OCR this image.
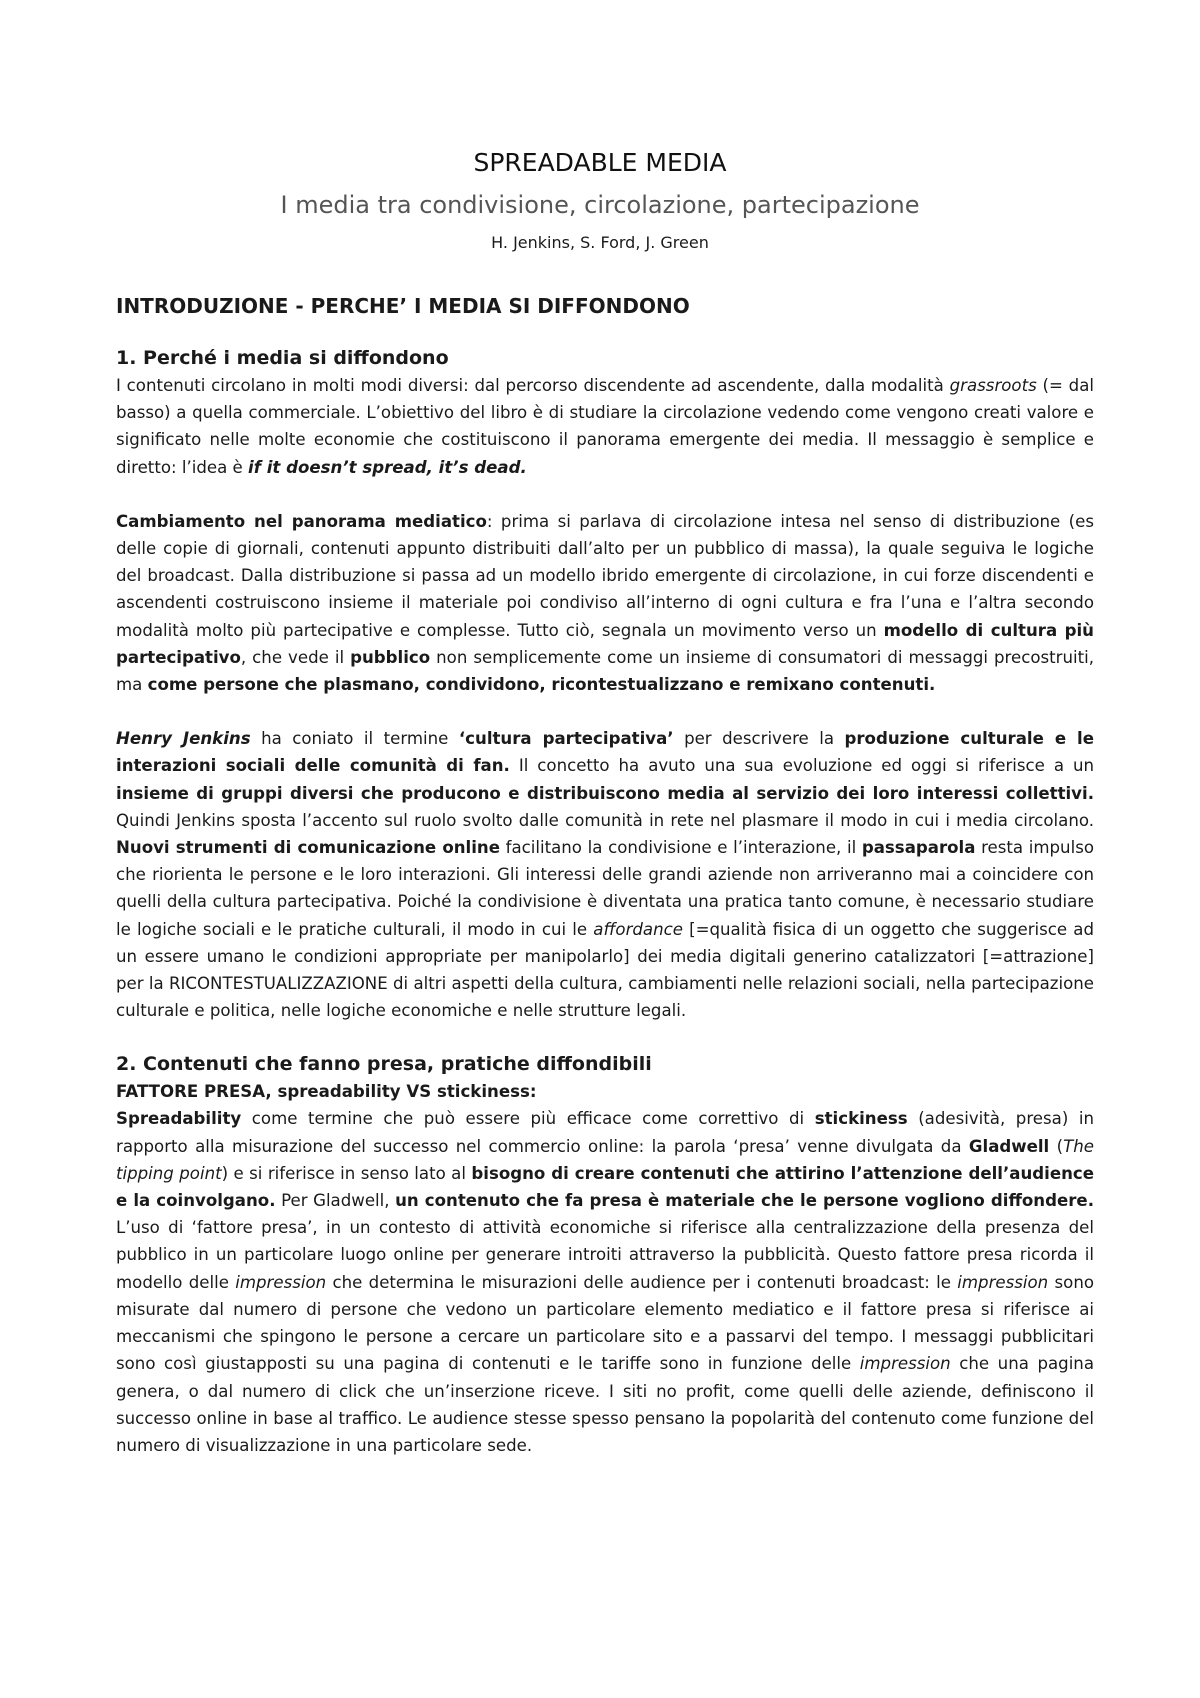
SPREADABLE MEDIA
I media tra condivisione, circolazione, partecipazione
H. Jenkins, S. Ford, J. Green
INTRODUZIONE - PERCHE’ I MEDIA SI DIFFONDONO
1. Perché i media si diffondono

I contenuti circolano in molti modi diversi: dal percorso discendente ad ascendente, dalla modalità grassroots (= dal basso) a quella commerciale. L’obiettivo del libro è di studiare la circolazione vedendo come vengono creati valore e significato nelle molte economie che costituiscono il panorama emergente dei media. Il messaggio è semplice e diretto: l’idea è if it doesn’t spread, it’s dead.

Cambiamento nel panorama mediatico: prima si parlava di circolazione intesa nel senso di distribuzione (es delle copie di giornali, contenuti appunto distribuiti dall’alto per un pubblico di massa), la quale seguiva le logiche del broadcast. Dalla distribuzione si passa ad un modello ibrido emergente di circolazione, in cui forze discendenti e ascendenti costruiscono insieme il materiale poi condiviso all’interno di ogni cultura e fra l’una e l’altra secondo modalità molto più partecipative e complesse. Tutto ciò, segnala un movimento verso un modello di cultura più partecipativo, che vede il pubblico non semplicemente come un insieme di consumatori di messaggi precostruiti, ma come persone che plasmano, condividono, ricontestualizzano e remixano contenuti.

Henry Jenkins ha coniato il termine ‘cultura partecipativa’ per descrivere la produzione culturale e le interazioni sociali delle comunità di fan. Il concetto ha avuto una sua evoluzione ed oggi si riferisce a un insieme di gruppi diversi che producono e distribuiscono media al servizio dei loro interessi collettivi. Quindi Jenkins sposta l’accento sul ruolo svolto dalle comunità in rete nel plasmare il modo in cui i media circolano. Nuovi strumenti di comunicazione online facilitano la condivisione e l’interazione, il passaparola resta impulso che riorienta le persone e le loro interazioni. Gli interessi delle grandi aziende non arriveranno mai a coincidere con quelli della cultura partecipativa. Poiché la condivisione è diventata una pratica tanto comune, è necessario studiare le logiche sociali e le pratiche culturali, il modo in cui le affordance [=qualità fisica di un oggetto che suggerisce ad un essere umano le condizioni appropriate per manipolarlo] dei media digitali generino catalizzatori [=attrazione] per la RICONTESTUALIZZAZIONE di altri aspetti della cultura, cambiamenti nelle relazioni sociali, nella partecipazione culturale e politica, nelle logiche economiche e nelle strutture legali.

2. Contenuti che fanno presa, pratiche diffondibili
FATTORE PRESA, spreadability VS stickiness:

Spreadability come termine che può essere più efficace come correttivo di stickiness (adesività, presa) in rapporto alla misurazione del successo nel commercio online: la parola ‘presa’ venne divulgata da Gladwell (The tipping point) e si riferisce in senso lato al bisogno di creare contenuti che attirino l’attenzione dell’audience e la coinvolgano. Per Gladwell, un contenuto che fa presa è materiale che le persone vogliono diffondere. L’uso di ‘fattore presa’, in un contesto di attività economiche si riferisce alla centralizzazione della presenza del pubblico in un particolare luogo online per generare introiti attraverso la pubblicità. Questo fattore presa ricorda il modello delle impression che determina le misurazioni delle audience per i contenuti broadcast: le impression sono misurate dal numero di persone che vedono un particolare elemento mediatico e il fattore presa si riferisce ai meccanismi che spingono le persone a cercare un particolare sito e a passarvi del tempo. I messaggi pubblicitari sono così giustapposti su una pagina di contenuti e le tariffe sono in funzione delle impression che una pagina genera, o dal numero di click che un’inserzione riceve. I siti no profit, come quelli delle aziende, definiscono il successo online in base al traffico. Le audience stesse spesso pensano la popolarità del contenuto come funzione del numero di visualizzazione in una particolare sede.
